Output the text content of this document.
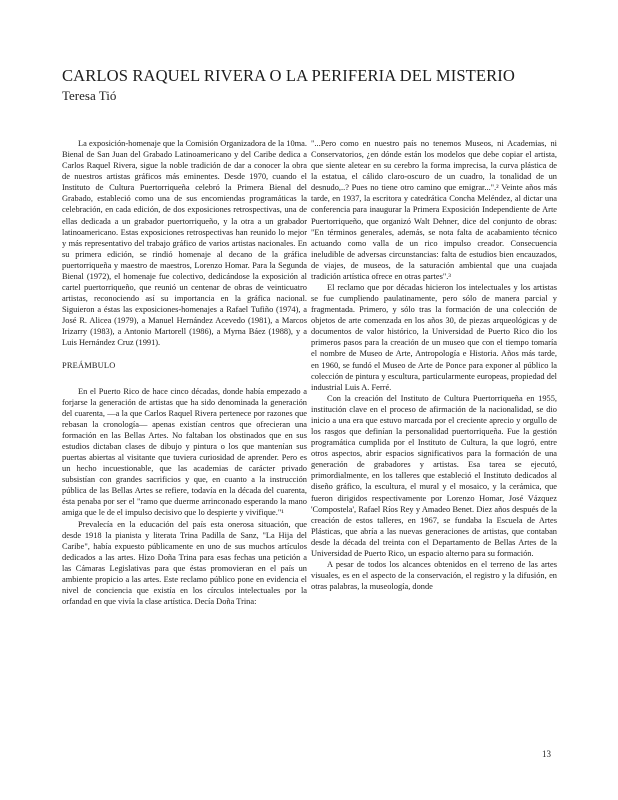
CARLOS RAQUEL RIVERA O LA PERIFERIA DEL MISTERIO
Teresa Tió

La exposición-homenaje que la Comisión Organizadora de la 10ma. Bienal de San Juan del Grabado Latinoamericano y del Caribe dedica a Carlos Raquel Rivera, sigue la noble tradición de dar a conocer la obra de nuestros artistas gráficos más eminentes. Desde 1970, cuando el Instituto de Cultura Puertorriqueña celebró la Primera Bienal del Grabado, estableció como una de sus encomiendas programáticas la celebración, en cada edición, de dos exposiciones retrospectivas, una de ellas dedicada a un grabador puertorriqueño, y la otra a un grabador latinoamericano. Estas exposiciones retrospectivas han reunido lo mejor y más representativo del trabajo gráfico de varios artistas nacionales. En su primera edición, se rindió homenaje al decano de la gráfica puertorriqueña y maestro de maestros, Lorenzo Homar. Para la Segunda Bienal (1972), el homenaje fue colectivo, dedicándose la exposición al cartel puertorriqueño, que reunió un centenar de obras de veinticuatro artistas, reconociendo así su importancia en la gráfica nacional. Siguieron a éstas las exposiciones-homenajes a Rafael Tufiño (1974), a José R. Alicea (1979), a Manuel Hernández Acevedo (1981), a Marcos Irizarry (1983), a Antonio Martorell (1986), a Myrna Báez (1988), y a Luis Hernández Cruz (1991).

PREÁMBULO

En el Puerto Rico de hace cinco décadas, donde había empezado a forjarse la generación de artistas que ha sido denominada la generación del cuarenta, —a la que Carlos Raquel Rivera pertenece por razones que rebasan la cronología— apenas existían centros que ofrecieran una formación en las Bellas Artes. No faltaban los obstinados que en sus estudios dictaban clases de dibujo y pintura o los que mantenían sus puertas abiertas al visitante que tuviera curiosidad de aprender. Pero es un hecho incuestionable, que las academias de carácter privado subsistían con grandes sacrificios y que, en cuanto a la instrucción pública de las Bellas Artes se refiere, todavía en la década del cuarenta, ésta penaba por ser el "ramo que duerme arrinconado esperando la mano amiga que le de el impulso decisivo que lo despierte y vivifique."¹

Prevalecía en la educación del país esta onerosa situación, que desde 1918 la pianista y literata Trina Padilla de Sanz, "La Hija del Caribe", había expuesto públicamente en uno de sus muchos artículos dedicados a las artes. Hizo Doña Trina para esas fechas una petición a las Cámaras Legislativas para que éstas promovieran en el país un ambiente propicio a las artes. Este reclamo público pone en evidencia el nivel de conciencia que existía en los círculos intelectuales por la orfandad en que vivía la clase artística. Decía Doña Trina:

"...Pero como en nuestro país no tenemos Museos, ni Academias, ni Conservatorios, ¿en dónde están los modelos que debe copiar el artista, que siente aletear en su cerebro la forma imprecisa, la curva plástica de la estatua, el cálido claro-oscuro de un cuadro, la tonalidad de un desnudo,..? Pues no tiene otro camino que emigrar...".² Veinte años más tarde, en 1937, la escritora y catedrática Concha Meléndez, al dictar una conferencia para inaugurar la Primera Exposición Independiente de Arte Puertorriqueño, que organizó Walt Dehner, dice del conjunto de obras: "En términos generales, además, se nota falta de acabamiento técnico actuando como valla de un rico impulso creador. Consecuencia ineludible de adversas circunstancias: falta de estudios bien encauzados, de viajes, de museos, de la saturación ambiental que una cuajada tradición artística ofrece en otras partes".³

El reclamo que por décadas hicieron los intelectuales y los artistas se fue cumpliendo paulatinamente, pero sólo de manera parcial y fragmentada. Primero, y sólo tras la formación de una colección de objetos de arte comenzada en los años 30, de piezas arqueológicas y de documentos de valor histórico, la Universidad de Puerto Rico dio los primeros pasos para la creación de un museo que con el tiempo tomaría el nombre de Museo de Arte, Antropología e Historia. Años más tarde, en 1960, se fundó el Museo de Arte de Ponce para exponer al público la colección de pintura y escultura, particularmente europeas, propiedad del industrial Luis A. Ferré.

Con la creación del Instituto de Cultura Puertorriqueña en 1955, institución clave en el proceso de afirmación de la nacionalidad, se dio inicio a una era que estuvo marcada por el creciente aprecio y orgullo de los rasgos que definían la personalidad puertorriqueña. Fue la gestión programática cumplida por el Instituto de Cultura, la que logró, entre otros aspectos, abrir espacios significativos para la formación de una generación de grabadores y artistas. Esa tarea se ejecutó, primordialmente, en los talleres que estableció el Instituto dedicados al diseño gráfico, la escultura, el mural y el mosaico, y la cerámica, que fueron dirigidos respectivamente por Lorenzo Homar, José Vázquez 'Compostela', Rafael Ríos Rey y Amadeo Benet. Diez años después de la creación de estos talleres, en 1967, se fundaba la Escuela de Artes Plásticas, que abría a las nuevas generaciones de artistas, que contaban desde la década del treinta con el Departamento de Bellas Artes de la Universidad de Puerto Rico, un espacio alterno para su formación.

A pesar de todos los alcances obtenidos en el terreno de las artes visuales, es en el aspecto de la conservación, el registro y la difusión, en otras palabras, la museología, donde

13
